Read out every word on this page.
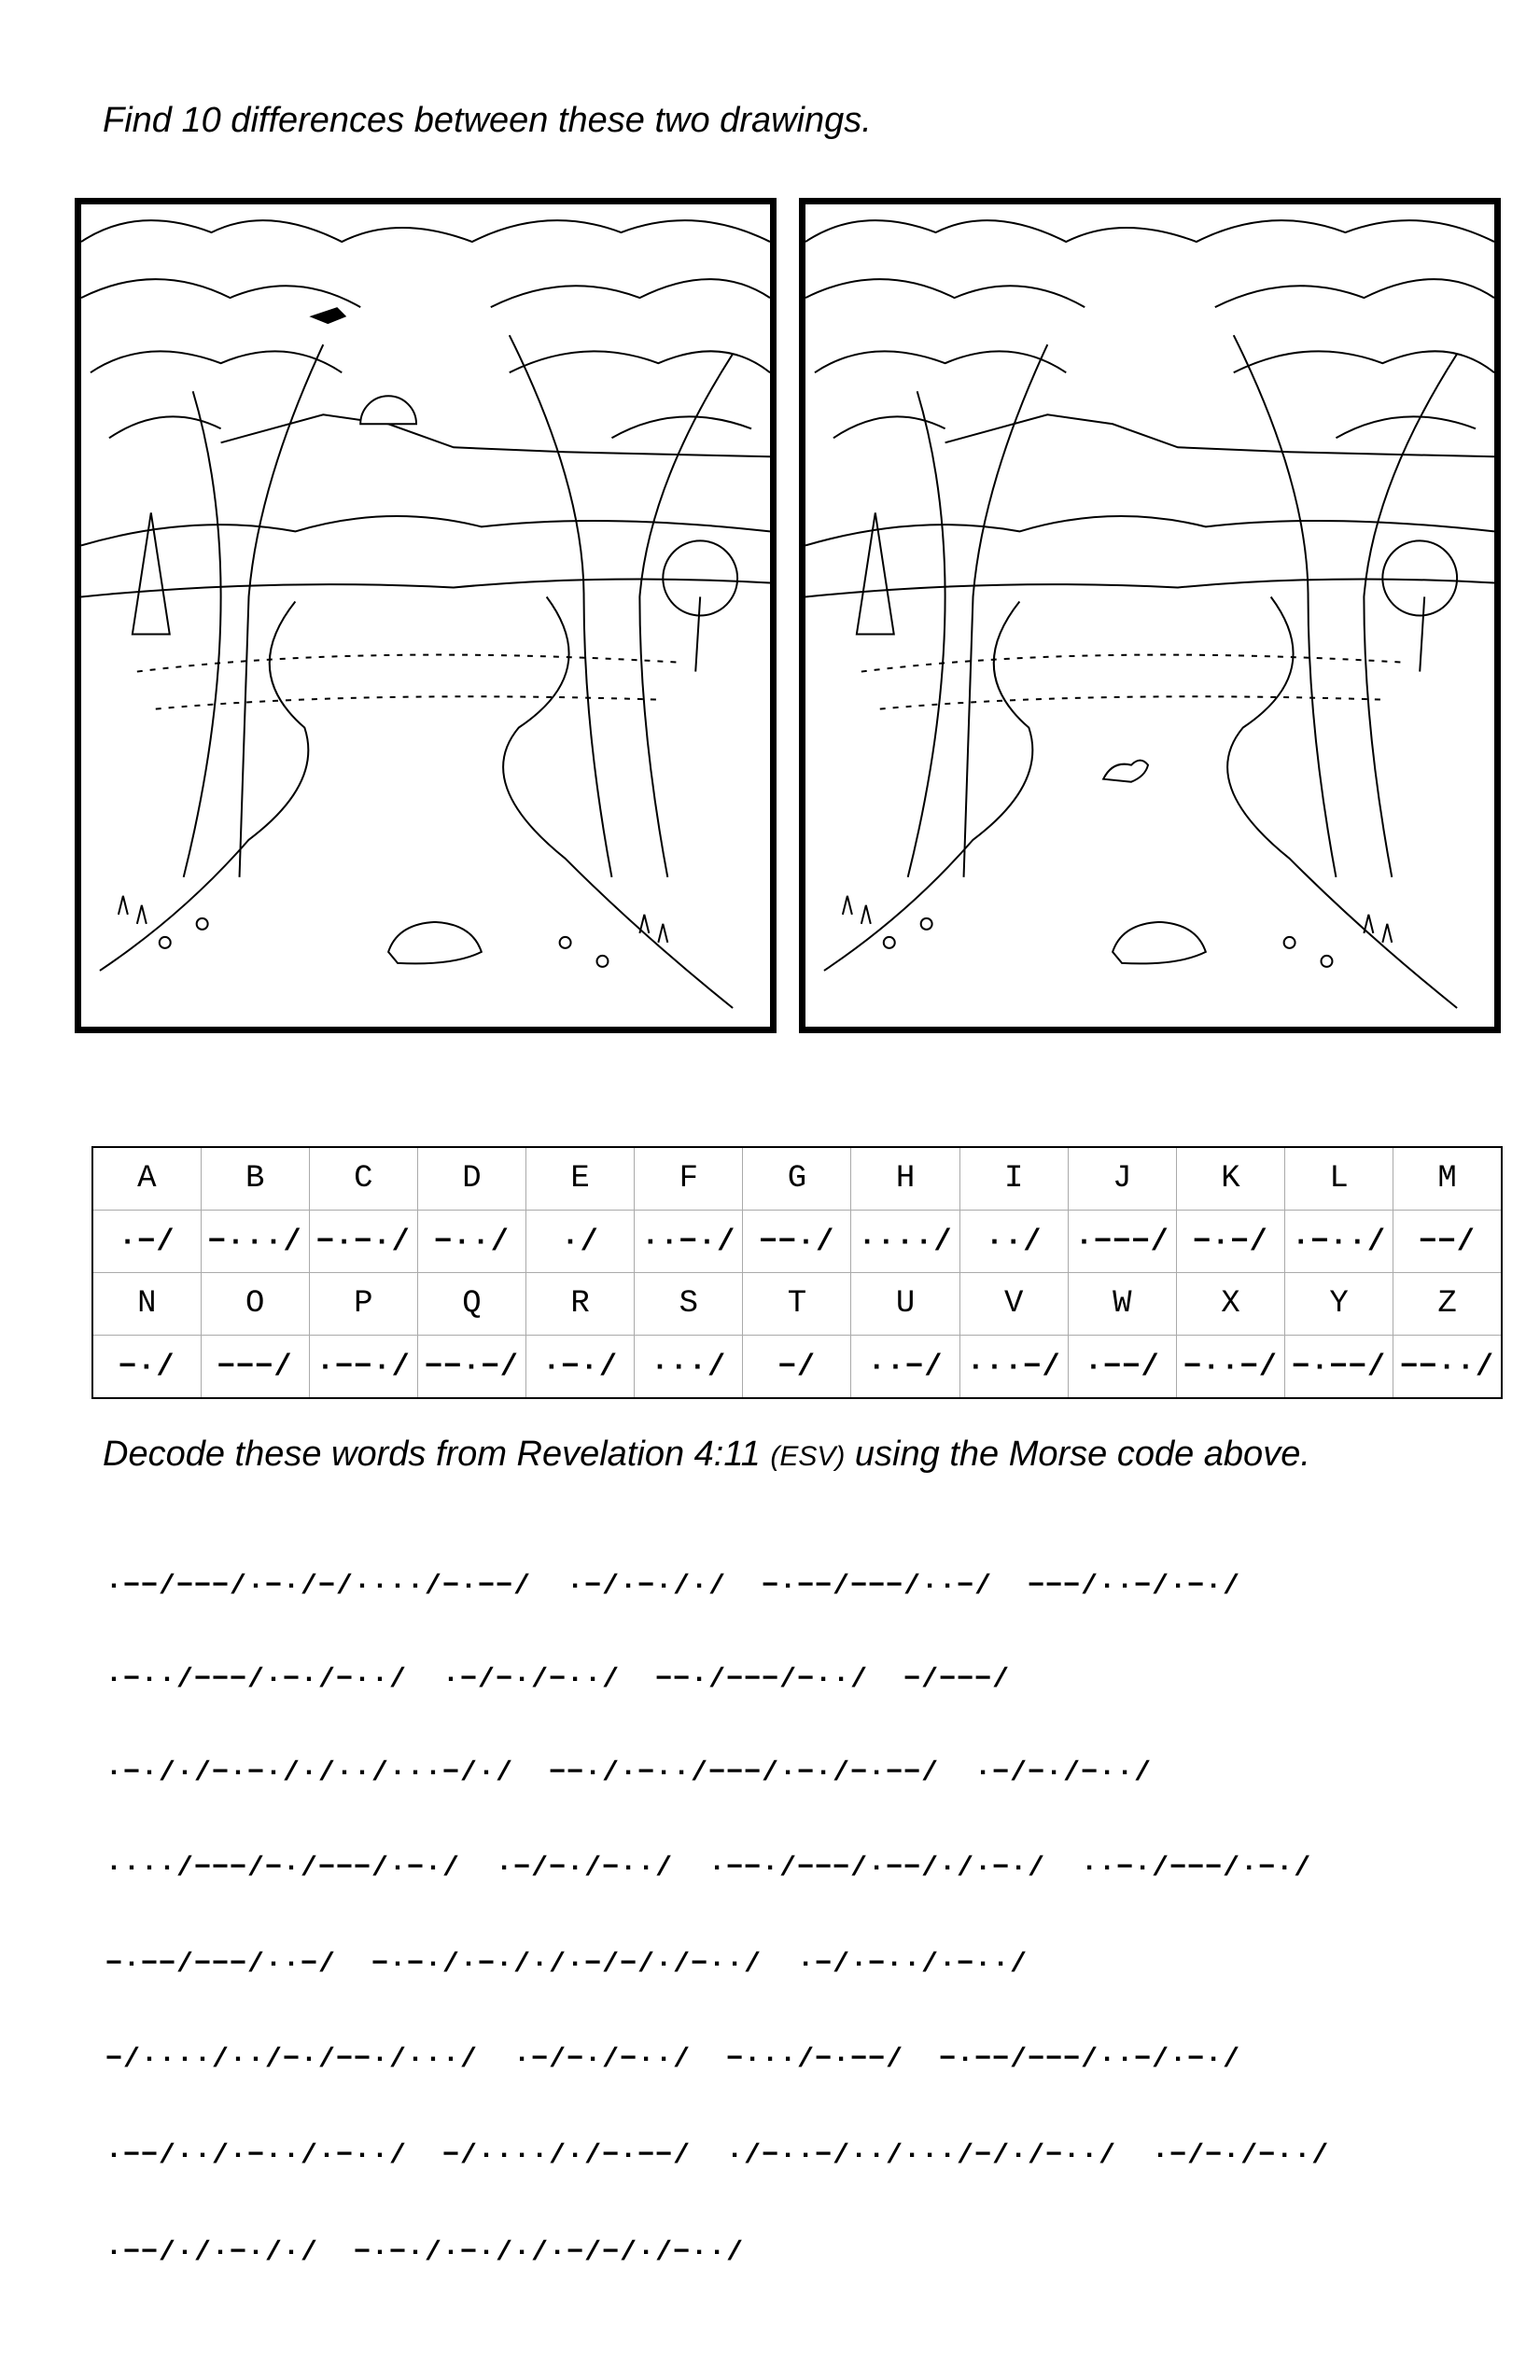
Find 10 differences between these two drawings.
A	B	C	D	E	F	G	H	I	J	K	L	M
·−/	−···/	−·−·/	−··/	·/	··−·/	−−·/	····/	··/	·−−−/	−·−/	·−··/	−−/
N	O	P	Q	R	S	T	U	V	W	X	Y	Z
−·/	−−−/	·−−·/	−−·−/	·−·/	···/	−/	··−/	···−/	·−−/	−··−/	−·−−/	−−··/
Decode these words from Revelation 4:11 (ESV) using the Morse code above.
·−−/−−−/·−·/−/····/−·−−/  ·−/·−·/·/  −·−−/−−−/··−/  −−−/··−/·−·/
·−··/−−−/·−·/−··/  ·−/−·/−··/  −−·/−−−/−··/  −/−−−/
·−·/·/−·−·/·/··/···−/·/  −−·/·−··/−−−/·−·/−·−−/  ·−/−·/−··/
····/−−−/−·/−−−/·−·/  ·−/−·/−··/  ·−−·/−−−/·−−/·/·−·/  ··−·/−−−/·−·/
−·−−/−−−/··−/  −·−·/·−·/·/·−/−/·/−··/  ·−/·−··/·−··/
−/····/··/−·/−−·/···/  ·−/−·/−··/  −···/−·−−/  −·−−/−−−/··−/·−·/
·−−/··/·−··/·−··/  −/····/·/−·−−/  ·/−··−/··/···/−/·/−··/  ·−/−·/−··/
·−−/·/·−·/·/  −·−·/·−·/·/·−/−/·/−··/
